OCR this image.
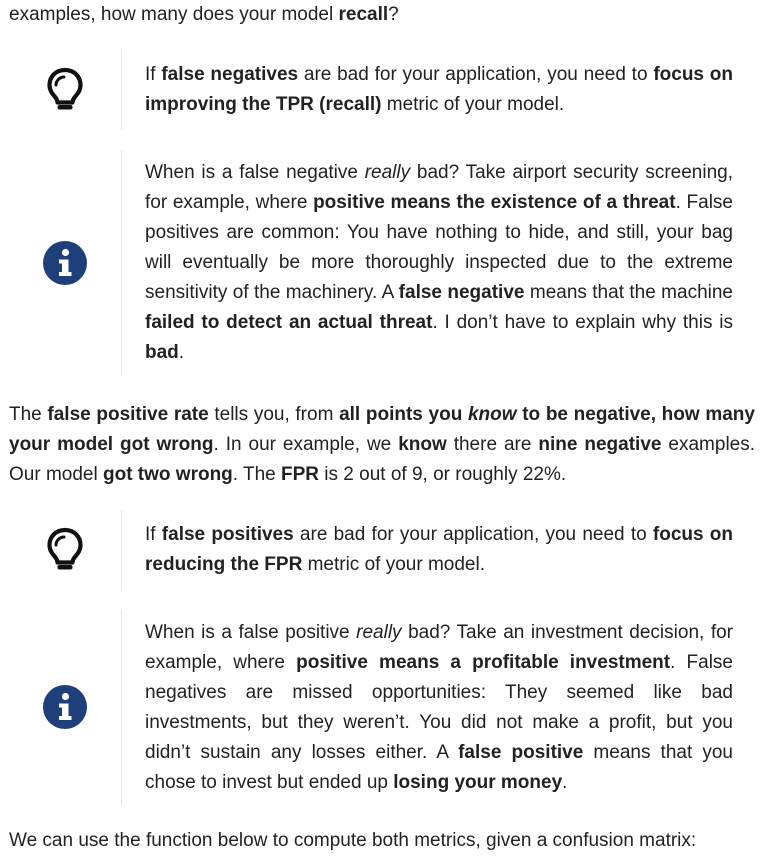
examples, how many does your model recall?

If false negatives are bad for your application, you need to focus on improving the TPR (recall) metric of your model.

When is a false negative really bad? Take airport security screening, for example, where positive means the existence of a threat. False positives are common: You have nothing to hide, and still, your bag will eventually be more thoroughly inspected due to the extreme sensitivity of the machinery. A false negative means that the machine failed to detect an actual threat. I don’t have to explain why this is bad.

The false positive rate tells you, from all points you know to be negative, how many your model got wrong. In our example, we know there are nine negative examples. Our model got two wrong. The FPR is 2 out of 9, or roughly 22%.

If false positives are bad for your application, you need to focus on reducing the FPR metric of your model.

When is a false positive really bad? Take an investment decision, for example, where positive means a profitable investment. False negatives are missed opportunities: They seemed like bad investments, but they weren’t. You did not make a profit, but you didn’t sustain any losses either. A false positive means that you chose to invest but ended up losing your money.

We can use the function below to compute both metrics, given a confusion matrix:
